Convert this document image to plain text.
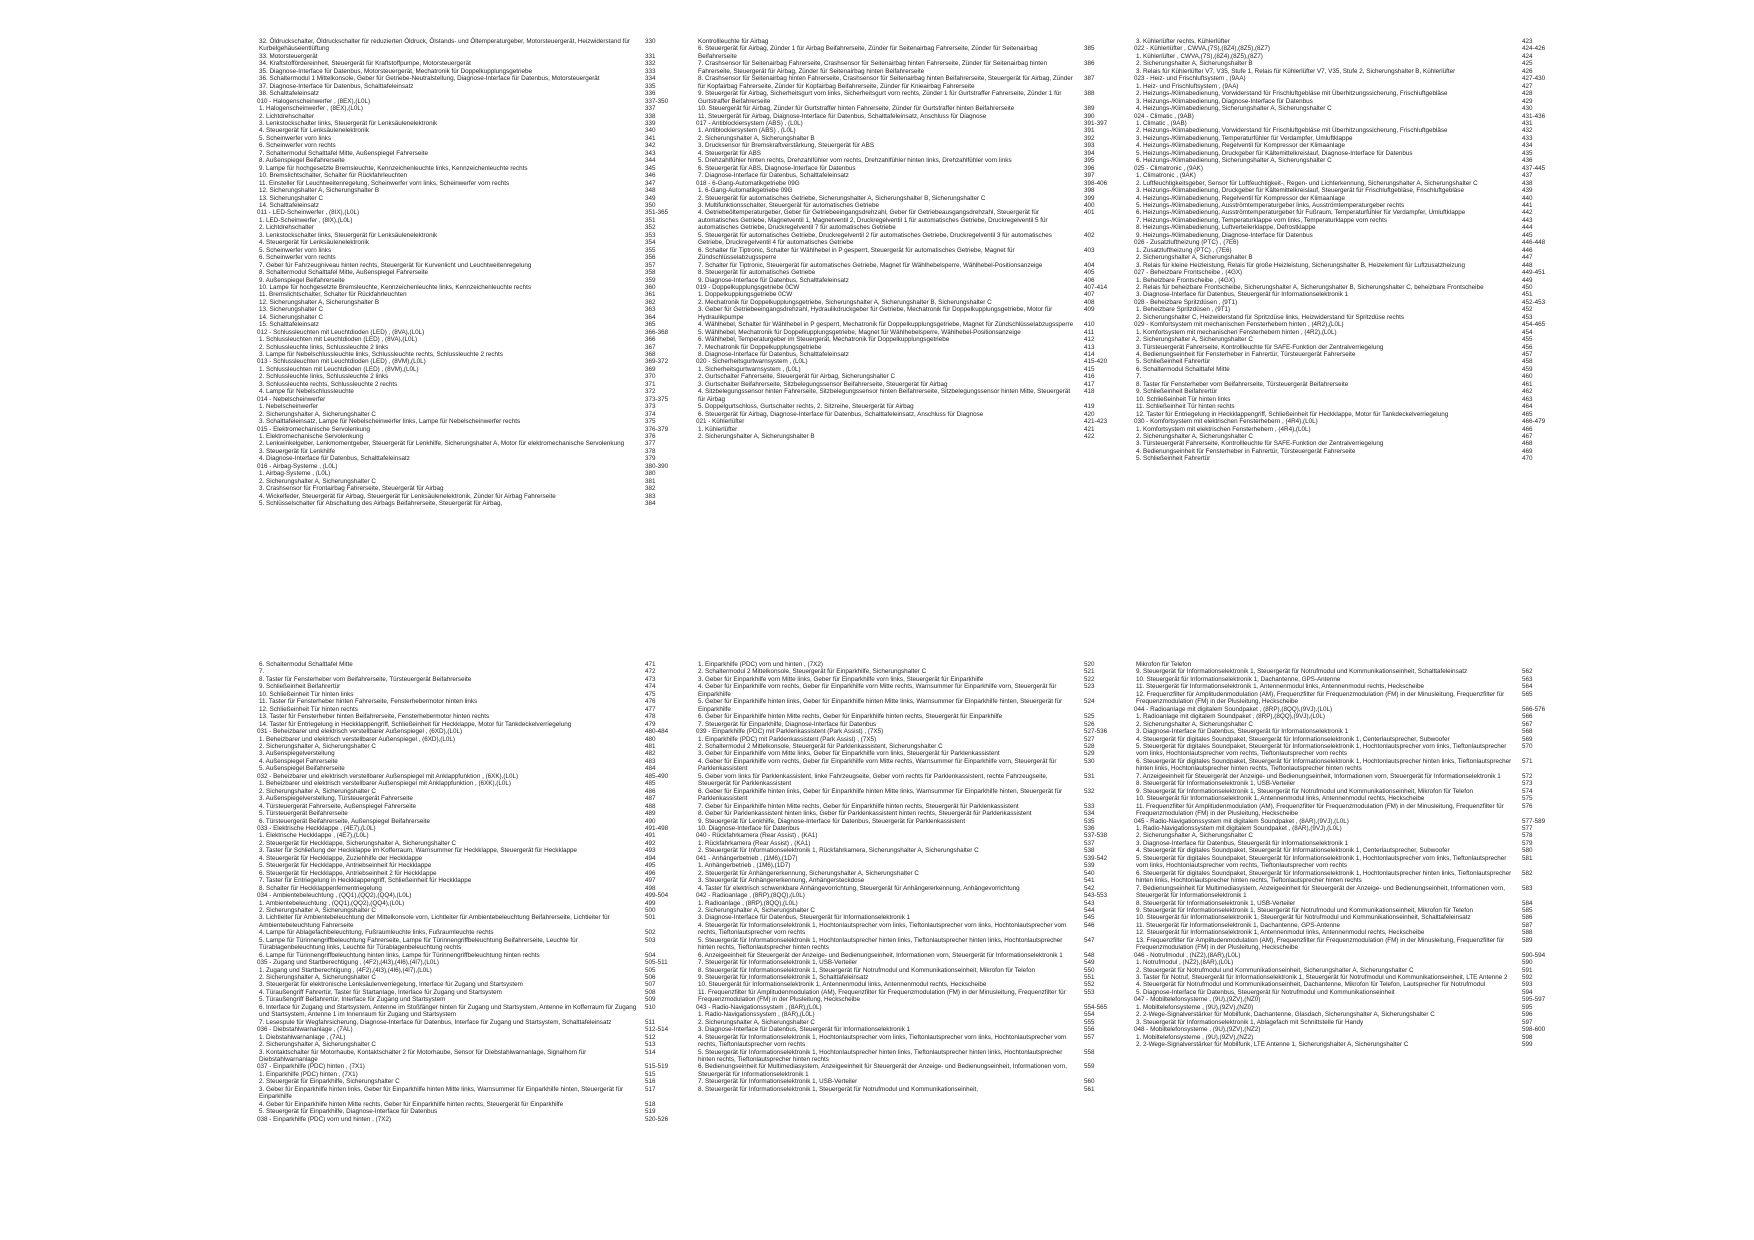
32. Öldruckschalter, Öldruckschalter für reduzierten Öldruck, Ölstands- und Öltemperaturgeber, Motorsteuergerät, Heizwiderstand für Kurbelgehäuseentlüftung
330
33. Motorsteuergerät	331
34. Kraftstoffördereinheit, Steuergerät für Kraftstoffpumpe, Motorsteuergerät	332
35. Diagnose-Interface für Datenbus, Motorsteuergerät, Mechatronik für Doppelkupplungsgetriebe	333
36. Schaltermodul 1 Mittelkonsole, Geber für Getriebe-Neutralstellung, Diagnose-Interface für Datenbus, Motorsteuergerät	334
37. Diagnose-Interface für Datenbus, Schalttafeleinsatz	335
38. Schalttafeleinsatz	336
010 - Halogenscheinwerfer , (8EX),(L0L)	337-350
1. Halogenscheinwerfer , (8EX),(L0L)	337
2. Lichtdrehschalter	338
3. Lenkstockschalter links, Steuergerät für Lenksäulenelektronik	339
4. Steuergerät für Lenksäulenelektronik	340
5. Scheinwerfer vorn links	341
6. Scheinwerfer vorn rechts	342
7. Schaltermodul Schalttafel Mitte, Außenspiegel Fahrerseite	343
8. Außenspiegel Beifahrerseite	344
9. Lampe für hochgesetzte Bremsleuchte, Kennzeichenleuchte links, Kennzeichenleuchte rechts	345
10. Bremslichtschalter, Schalter für Rückfahrleuchten	346
11. Einsteller für Leuchtweitenregelung, Scheinwerfer vorn links, Scheinwerfer vorn rechts	347
12. Sicherungshalter A, Sicherungshalter B	348
13. Sicherungshalter C	349
14. Schalttafeleinsatz	350
011 - LED-Scheinwerfer , (8IX),(L0L)	351-365
1. LED-Scheinwerfer , (8IX),(L0L)	351
2. Lichtdrehschalter	352
3. Lenkstockschalter links, Steuergerät für Lenksäulenelektronik	353
4. Steuergerät für Lenksäulenelektronik	354
5. Scheinwerfer vorn links	355
6. Scheinwerfer vorn rechts	356
7. Geber für Fahrzeugniveau hinten rechts, Steuergerät für Kurvenlicht und Leuchtweitenregelung	357
8. Schaltermodul Schalttafel Mitte, Außenspiegel Fahrerseite	358
9. Außenspiegel Beifahrerseite	359
10. Lampe für hochgesetzte Bremsleuchte, Kennzeichenleuchte links, Kennzeichenleuchte rechts	360
11. Bremslichtschalter, Schalter für Rückfahrleuchten	361
12. Sicherungshalter A, Sicherungshalter B	362
13. Sicherungshalter C	363
14. Sicherungshalter C	364
15. Schalttafeleinsatz	365
012 - Schlussleuchten mit Leuchtdioden (LED) , (8VA),(L0L)	366-368
1. Schlussleuchten mit Leuchtdioden (LED) , (8VA),(L0L)	366
2. Schlussleuchte links, Schlussleuchte 2 links	367
3. Lampe für Nebelschlussleuchte links, Schlussleuchte rechts, Schlussleuchte 2 rechts	368
013 - Schlussleuchten mit Leuchtdioden (LED) , (8VM),(L0L)	369-372
1. Schlussleuchten mit Leuchtdioden (LED) , (8VM),(L0L)	369
2. Schlussleuchte links, Schlussleuchte 2 links	370
3. Schlussleuchte rechts, Schlussleuchte 2 rechts	371
4. Lampe für Nebelschlussleuchte	372
014 - Nebelscheinwerfer	373-375
1. Nebelscheinwerfer	373
2. Sicherungshalter A, Sicherungshalter C	374
3. Schalttafeleinsatz, Lampe für Nebelscheinwerfer links, Lampe für Nebelscheinwerfer rechts	375
015 - Elektromechanische Servolenkung	376-379
1. Elektromechanische Servolenkung	376
2. Lenkwinkelgeber, Lenkmomentgeber, Steuergerät für Lenkhilfe, Sicherungshalter A, Motor für elektromechanische Servolenkung	377
3. Steuergerät für Lenkhilfe	378
4. Diagnose-Interface für Datenbus, Schalttafeleinsatz	379
016 - Airbag-Systeme , (L0L)	380-390
1. Airbag-Systeme , (L0L)	380
2. Sicherungshalter A, Sicherungshalter C	381
3. Crashsensor für Frontairbag Fahrerseite, Steuergerät für Airbag	382
4. Wickelfeder, Steuergerät für Airbag, Steuergerät für Lenksäulenelektronik, Zünder für Airbag Fahrerseite	383
5. Schlüsselschalter für Abschaltung des Airbags Beifahrerseite, Steuergerät für Airbag,	384
Kontrollleuchte für Airbag
6. Steuergerät für Airbag, Zünder 1 für Airbag Beifahrerseite, Zünder für Seitenairbag Fahrerseite, Zünder für Seitenairbag Beifahrerseite
385
7. Crashsensor für Seitenairbag Fahrerseite, Crashsensor für Seitenairbag hinten Fahrerseite, Zünder für Seitenairbag hinten Fahrerseite, Steuergerät für Airbag, Zünder für Seitenairbag hinten Beifahrerseite
386
8. Crashsensor für Seitenairbag hinten Fahrerseite, Crashsensor für Seitenairbag hinten Beifahrerseite, Steuergerät für Airbag, Zünder für Kopfairbag Fahrerseite, Zünder für Kopfairbag Beifahrerseite, Zünder für Knieairbag Fahrerseite
387
9. Steuergerät für Airbag, Sicherheitsgurt vorn links, Sicherheitsgurt vorn rechts, Zünder 1 für Gurtstraffer Fahrerseite, Zünder 1 für Gurtstraffer Beifahrerseite
388
10. Steuergerät für Airbag, Zünder für Gurtstraffer hinten Fahrerseite, Zünder für Gurtstraffer hinten Beifahrerseite	389
11. Steuergerät für Airbag, Diagnose-Interface für Datenbus, Schalttafeleinsatz, Anschluss für Diagnose	390
017 - Antiblockiersystem (ABS) , (L0L)	391-397
1. Antiblockiersystem (ABS) , (L0L)	391
2. Sicherungshalter A, Sicherungshalter B	392
3. Drucksensor für Bremskraftverstärkung, Steuergerät für ABS	393
4. Steuergerät für ABS	394
5. Drehzahlfühler hinten rechts, Drehzahlfühler vorn rechts, Drehzahlfühler hinten links, Drehzahlfühler vorn links	395
6. Steuergerät für ABS, Diagnose-Interface für Datenbus	396
7. Diagnose-Interface für Datenbus, Schalttafeleinsatz	397
018 - 6-Gang-Automatikgetriebe 09G	398-406
1. 6-Gang-Automatikgetriebe 09G	398
2. Steuergerät für automatisches Getriebe, Sicherungshalter A, Sicherungshalter B, Sicherungshalter C	399
3. Multifunktionsschalter, Steuergerät für automatisches Getriebe	400
4. Getriebeöltemperaturgeber, Geber für Getriebeeingangsdrehzahl, Geber für Getriebeausgangsdrehzahl, Steuergerät für automatisches Getriebe, Magnetventil 1, Magnetventil 2, Druckregelventil 1 für automatisches Getriebe, Druckregelventil 5 für automatisches Getriebe, Druckregelventil 7 für automatisches Getriebe
401
5. Steuergerät für automatisches Getriebe, Druckregelventil 2 für automatisches Getriebe, Druckregelventil 3 für automatisches Getriebe, Druckregelventil 4 für automatisches Getriebe
402
6. Schalter für Tiptronic, Schalter für Wählhebel in P gesperrt, Steuergerät für automatisches Getriebe, Magnet für Zündschlüsselabzugssperre
403
7. Schalter für Tiptronic, Steuergerät für automatisches Getriebe, Magnet für Wählhebelsperre, Wählhebel-Positionsanzeige	404
8. Steuergerät für automatisches Getriebe	405
9. Diagnose-Interface für Datenbus, Schalttafeleinsatz	406
019 - Doppelkupplungsgetriebe 0CW	407-414
1. Doppelkupplungsgetriebe 0CW	407
2. Mechatronik für Doppelkupplungsgetriebe, Sicherungshalter A, Sicherungshalter B, Sicherungshalter C	408
3. Geber für Getriebeeingangsdrehzahl, Hydraulikdruckgeber für Getriebe, Mechatronik für Doppelkupplungsgetriebe, Motor für Hydraulikpumpe
409
4. Wählhebel, Schalter für Wählhebel in P gesperrt, Mechatronik für Doppelkupplungsgetriebe, Magnet für Zündschlüsselabzugssperre	410
5. Wählhebel, Mechatronik für Doppelkupplungsgetriebe, Magnet für Wählhebelsperre, Wählhebel-Positionsanzeige	411
6. Wählhebel, Temperaturgeber im Steuergerät, Mechatronik für Doppelkupplungsgetriebe	412
7. Mechatronik für Doppelkupplungsgetriebe	413
8. Diagnose-Interface für Datenbus, Schalttafeleinsatz	414
020 - Sicherheitsgurtwarnsystem , (L0L)	415-420
1. Sicherheitsgurtwarnsystem , (L0L)	415
2. Gurtschalter Fahrerseite, Steuergerät für Airbag, Sicherungshalter C	416
3. Gurtschalter Beifahrerseite, Sitzbelegungssensor Beifahrerseite, Steuergerät für Airbag	417
4. Sitzbelegungssensor hinten Fahrerseite, Sitzbelegungssensor hinten Beifahrerseite, Sitzbelegungssensor hinten Mitte, Steuergerät für Airbag
418
5. Doppelgurtschloss, Gurtschalter rechts, 2. Sitzreihe, Steuergerät für Airbag	419
6. Steuergerät für Airbag, Diagnose-Interface für Datenbus, Schalttafeleinsatz, Anschluss für Diagnose	420
021 - Kühlerlüfter	421-423
1. Kühlerlüfter	421
2. Sicherungshalter A, Sicherungshalter B	422
3. Kühlerlüfter rechts, Kühlerlüfter	423
022 - Kühlerlüfter , CWVA,(7S),(8Z4),(8Z5),(8Z7)	424-426
1. Kühlerlüfter , CWVA,(7S),(8Z4),(8Z5),(8Z7)	424
2. Sicherungshalter A, Sicherungshalter B	425
3. Relais für Kühlerlüfter V7, V35, Stufe 1, Relais für Kühlerlüfter V7, V35, Stufe 2, Sicherungshalter B, Kühlerlüfter	426
023 - Heiz- und Frischluftsystem , (9AA)	427-430
1. Heiz- und Frischluftsystem , (9AA)	427
2. Heizungs-/Klimabedienung, Vorwiderstand für Frischluftgebläse mit Überhitzungssicherung, Frischluftgebläse	428
3. Heizungs-/Klimabedienung, Diagnose-Interface für Datenbus	429
4. Heizungs-/Klimabedienung, Sicherungshalter A, Sicherungshalter C	430
024 - Climatic , (9AB)	431-436
1. Climatic , (9AB)	431
2. Heizungs-/Klimabedienung, Vorwiderstand für Frischluftgebläse mit Überhitzungssicherung, Frischluftgebläse	432
3. Heizungs-/Klimabedienung, Temperaturfühler für Verdampfer, Umluftklappe	433
4. Heizungs-/Klimabedienung, Regelventil für Kompressor der Klimaanlage	434
5. Heizungs-/Klimabedienung, Druckgeber für Kältemittelkreislauf, Diagnose-Interface für Datenbus	435
6. Heizungs-/Klimabedienung, Sicherungshalter A, Sicherungshalter C	436
025 - Climatronic , (9AK)	437-445
1. Climatronic , (9AK)	437
2. Luftfeuchtigkeitsgeber, Sensor für Luftfeuchtigkeit-, Regen- und Lichterkennung, Sicherungshalter A, Sicherungshalter C	438
3. Heizungs-/Klimabedienung, Druckgeber für Kältemittelkreislauf, Steuergerät für Frischluftgebläse, Frischluftgebläse	439
4. Heizungs-/Klimabedienung, Regelventil für Kompressor der Klimaanlage	440
5. Heizungs-/Klimabedienung, Ausströmtemperaturgeber links, Ausströmtemperaturgeber rechts	441
6. Heizungs-/Klimabedienung, Ausströmtemperaturgeber für Fußraum, Temperaturfühler für Verdampfer, Umluftklappe	442
7. Heizungs-/Klimabedienung, Temperaturklappe vorn links, Temperaturklappe vorn rechts	443
8. Heizungs-/Klimabedienung, Luftverteilerklappe, Defrostklappe	444
9. Heizungs-/Klimabedienung, Diagnose-Interface für Datenbus	445
026 - Zusatzluftheizung (PTC) , (7E6)	446-448
1. Zusatzluftheizung (PTC) , (7E6)	446
2. Sicherungshalter A, Sicherungshalter B	447
3. Relais für kleine Heizleistung, Relais für große Heizleistung, Sicherungshalter B, Heizelement für Luftzusatzheizung	448
027 - Beheizbare Frontscheibe , (4GX)	449-451
1. Beheizbare Frontscheibe , (4GX)	449
2. Relais für beheizbare Frontscheibe, Sicherungshalter A, Sicherungshalter B, Sicherungshalter C, beheizbare Frontscheibe	450
3. Diagnose-Interface für Datenbus, Steuergerät für Informationselektronik 1	451
028 - Beheizbare Spritzdüsen , (9T1)	452-453
1. Beheizbare Spritzdüsen , (9T1)	452
2. Sicherungshalter C, Heizwiderstand für Spritzdüse links, Heizwiderstand für Spritzdüse rechts	453
029 - Komfortsystem mit mechanischen Fensterhebern hinten , (4R2),(L0L)	454-465
1. Komfortsystem mit mechanischen Fensterhebern hinten , (4R2),(L0L)	454
2. Sicherungshalter A, Sicherungshalter C	455
3. Türsteuergerät Fahrerseite, Kontrollleuchte für SAFE-Funktion der Zentralverriegelung	456
4. Bedienungseinheit für Fensterheber in Fahrertür, Türsteuergerät Fahrerseite	457
5. Schließeinheit Fahrertür	458
6. Schaltermodul Schalttafel Mitte	459
7.	460
8. Taster für Fensterheber vorn Beifahrerseite, Türsteuergerät Beifahrerseite	461
9. Schließeinheit Beifahrertür	462
10. Schließeinheit Tür hinten links	463
11. Schließeinheit Tür hinten rechts	464
12. Taster für Entriegelung in Heckklappengriff, Schließeinheit für Heckklappe, Motor für Tankdeckelverriegelung	465
030 - Komfortsystem mit elektrischen Fensterhebern , (4R4),(L0L)	466-479
1. Komfortsystem mit elektrischen Fensterhebern , (4R4),(L0L)	466
2. Sicherungshalter A, Sicherungshalter C	467
3. Türsteuergerät Fahrerseite, Kontrollleuchte für SAFE-Funktion der Zentralverriegelung	468
4. Bedienungseinheit für Fensterheber in Fahrertür, Türsteuergerät Fahrerseite	469
5. Schließeinheit Fahrertür	470
6. Schaltermodul Schalttafel Mitte	471
7.	472
8. Taster für Fensterheber vorn Beifahrerseite, Türsteuergerät Beifahrerseite	473
9. Schließeinheit Beifahrertür	474
10. Schließeinheit Tür hinten links	475
11. Taster für Fensterheber hinten Fahrerseite, Fensterhebermotor hinten links	476
12. Schließeinheit Tür hinten rechts	477
13. Taster für Fensterheber hinten Beifahrerseite, Fensterhebermotor hinten rechts	478
14. Taster für Entriegelung in Heckklappengriff, Schließeinheit für Heckklappe, Motor für Tankdeckelverriegelung	479
031 - Beheizbarer und elektrisch verstellbarer Außenspiegel , (6XD),(L0L)	480-484
1. Beheizbarer und elektrisch verstellbarer Außenspiegel , (6XD),(L0L)	480
2. Sicherungshalter A, Sicherungshalter C	481
3. Außenspiegelverstellung	482
4. Außenspiegel Fahrerseite	483
5. Außenspiegel Beifahrerseite	484
032 - Beheizbarer und elektrisch verstellbarer Außenspiegel mit Anklappfunktion , (6XK),(L0L)	485-490
1. Beheizbarer und elektrisch verstellbarer Außenspiegel mit Anklappfunktion , (6XK),(L0L)	485
2. Sicherungshalter A, Sicherungshalter C	486
3. Außenspiegelverstellung, Türsteuergerät Fahrerseite	487
4. Türsteuergerät Fahrerseite, Außenspiegel Fahrerseite	488
5. Türsteuergerät Beifahrerseite	489
6. Türsteuergerät Beifahrerseite, Außenspiegel Beifahrerseite	490
033 - Elektrische Heckklappe , (4E7),(L0L)	491-498
1. Elektrische Heckklappe , (4E7),(L0L)	491
2. Steuergerät für Heckklappe, Sicherungshalter A, Sicherungshalter C	492
3. Taster für Schließung der Heckklappe im Kofferraum, Warnsummer für Heckklappe, Steuergerät für Heckklappe	493
4. Steuergerät für Heckklappe, Zuziehhilfe der Heckklappe	494
5. Steuergerät für Heckklappe, Antriebseinheit für Heckklappe	495
6. Steuergerät für Heckklappe, Antriebseinheit 2 für Heckklappe	496
7. Taster für Entriegelung in Heckklappengriff, Schließeinheit für Heckklappe	497
8. Schalter für Heckklappenfernentriegelung	498
034 - Ambientebeleuchtung , (QQ1),(QQ2),(QQ4),(L0L)	499-504
1. Ambientebeleuchtung , (QQ1),(QQ2),(QQ4),(L0L)	499
2. Sicherungshalter A, Sicherungshalter C	500
3. Lichtleiter für Ambientebeleuchtung der Mittelkonsole vorn, Lichtleiter für Ambientebeleuchtung Beifahrerseite, Lichtleiter für Ambientebeleuchtung Fahrerseite
501
4. Lampe für Ablagefachbeleuchtung, Fußraumleuchte links, Fußraumleuchte rechts	502
5. Lampe für Türinnengriffbeleuchtung Fahrerseite, Lampe für Türinnengriffbeleuchtung Beifahrerseite, Leuchte für Türablagenbeleuchtung links, Leuchte für Türablagenbeleuchtung rechts
503
6. Lampe für Türinnengriffbeleuchtung hinten links, Lampe für Türinnengriffbeleuchtung hinten rechts	504
035 - Zugang und Startberechtigung , (4F2),(4I3),(4I6),(4I7),(L0L)	505-511
1. Zugang und Startberechtigung , (4F2),(4I3),(4I6),(4I7),(L0L)	505
2. Sicherungshalter A, Sicherungshalter C	506
3. Steuergerät für elektronische Lenksäulenverriegelung, Interface für Zugang und Startsystem	507
4. Türaußengriff Fahrertür, Taster für Startanlage, Interface für Zugang und Startsystem	508
5. Türaußengriff Beifahrertür, Interface für Zugang und Startsystem	509
6. Interface für Zugang und Startsystem, Antenne im Stoßfänger hinten für Zugang und Startsystem, Antenne im Kofferraum für Zugang und Startsystem, Antenne 1 im Innenraum für Zugang und Startsystem
510
7. Lesespule für Wegfahrsicherung, Diagnose-Interface für Datenbus, Interface für Zugang und Startsystem, Schalttafeleinsatz	511
036 - Diebstahlwarnanlage , (7AL)	512-514
1. Diebstahlwarnanlage , (7AL)	512
2. Sicherungshalter A, Sicherungshalter C	513
3. Kontaktschalter für Motorhaube, Kontaktschalter 2 für Motorhaube, Sensor für Diebstahlwarnanlage, Signalhorn für Diebstahlwarnanlage
514
037 - Einparkhilfe (PDC) hinten , (7X1)	515-519
1. Einparkhilfe (PDC) hinten , (7X1)	515
2. Steuergerät für Einparkhilfe, Sicherungshalter C	516
3. Geber für Einparkhilfe hinten links, Geber für Einparkhilfe hinten Mitte links, Warnsummer für Einparkhilfe hinten, Steuergerät für Einparkhilfe
517
4. Geber für Einparkhilfe hinten Mitte rechts, Geber für Einparkhilfe hinten rechts, Steuergerät für Einparkhilfe	518
5. Steuergerät für Einparkhilfe, Diagnose-Interface für Datenbus	519
038 - Einparkhilfe (PDC) vorn und hinten , (7X2)	520-526
1. Einparkhilfe (PDC) vorn und hinten , (7X2)	520
2. Schaltermodul 2 Mittelkonsole, Steuergerät für Einparkhilfe, Sicherungshalter C	521
3. Geber für Einparkhilfe vorn Mitte links, Geber für Einparkhilfe vorn links, Steuergerät für Einparkhilfe	522
4. Geber für Einparkhilfe vorn rechts, Geber für Einparkhilfe vorn Mitte rechts, Warnsummer für Einparkhilfe vorn, Steuergerät für Einparkhilfe
523
5. Geber für Einparkhilfe hinten links, Geber für Einparkhilfe hinten Mitte links, Warnsummer für Einparkhilfe hinten, Steuergerät für Einparkhilfe
524
6. Geber für Einparkhilfe hinten Mitte rechts, Geber für Einparkhilfe hinten rechts, Steuergerät für Einparkhilfe	525
7. Steuergerät für Einparkhilfe, Diagnose-Interface für Datenbus	526
039 - Einparkhilfe (PDC) mit Parklenkassistent (Park Assist) , (7X5)	527-536
1. Einparkhilfe (PDC) mit Parklenkassistent (Park Assist) , (7X5)	527
2. Schaltermodul 2 Mittelkonsole, Steuergerät für Parklenkassistent, Sicherungshalter C	528
3. Geber für Einparkhilfe vorn Mitte links, Geber für Einparkhilfe vorn links, Steuergerät für Parklenkassistent	529
4. Geber für Einparkhilfe vorn rechts, Geber für Einparkhilfe vorn Mitte rechts, Warnsummer für Einparkhilfe vorn, Steuergerät für Parklenkassistent
530
5. Geber vorn links für Parklenkassistent, linke Fahrzeugseite, Geber vorn rechts für Parklenkassistent, rechte Fahrzeugseite, Steuergerät für Parklenkassistent
531
6. Geber für Einparkhilfe hinten links, Geber für Einparkhilfe hinten Mitte links, Warnsummer für Einparkhilfe hinten, Steuergerät für Parklenkassistent
532
7. Geber für Einparkhilfe hinten Mitte rechts, Geber für Einparkhilfe hinten rechts, Steuergerät für Parklenkassistent	533
8. Geber für Parklenkassistent hinten links, Geber für Parklenkassistent hinten rechts, Steuergerät für Parklenkassistent	534
9. Steuergerät für Lenkhilfe, Diagnose-Interface für Datenbus, Steuergerät für Parklenkassistent	535
10. Diagnose-Interface für Datenbus	536
040 - Rückfahrkamera (Rear Assist) , (KA1)	537-538
1. Rückfahrkamera (Rear Assist) , (KA1)	537
2. Steuergerät für Informationselektronik 1, Rückfahrkamera, Sicherungshalter A, Sicherungshalter C	538
041 - Anhängerbetrieb , (1M6),(1D7)	539-542
1. Anhängerbetrieb , (1M6),(1D7)	539
2. Steuergerät für Anhängererkennung, Sicherungshalter A, Sicherungshalter C	540
3. Steuergerät für Anhängererkennung, Anhängersteckdose	541
4. Taster für elektrisch schwenkbare Anhängevorrichtung, Steuergerät für Anhängererkennung, Anhängevorrichtung	542
042 - Radioanlage , (8RP),(8QQ),(L0L)	543-553
1. Radioanlage , (8RP),(8QQ),(L0L)	543
2. Sicherungshalter A, Sicherungshalter C	544
3. Diagnose-Interface für Datenbus, Steuergerät für Informationselektronik 1	545
4. Steuergerät für Informationselektronik 1, Hochtonlautsprecher vorn links, Tieftonlautsprecher vorn links, Hochtonlautsprecher vorn rechts, Tieftonlautsprecher vorn rechts
546
5. Steuergerät für Informationselektronik 1, Hochtonlautsprecher hinten links, Tieftonlautsprecher hinten links, Hochtonlautsprecher hinten rechts, Tieftonlautsprecher hinten rechts
547
6. Anzeigeeinheit für Steuergerät der Anzeige- und Bedienungseinheit, Informationen vorn, Steuergerät für Informationselektronik 1	548
7. Steuergerät für Informationselektronik 1, USB-Verteiler	549
8. Steuergerät für Informationselektronik 1, Steuergerät für Notrufmodul und Kommunikationseinheit, Mikrofon für Telefon	550
9. Steuergerät für Informationselektronik 1, Schalttafeleinsatz	551
10. Steuergerät für Informationselektronik 1, Antennenmodul links, Antennenmodul rechts, Heckscheibe	552
11. Frequenzfilter für Amplitudenmodulation (AM), Frequenzfilter für Frequenzmodulation (FM) in der Minusleitung, Frequenzfilter für Frequenzmodulation (FM) in der Plusleitung, Heckscheibe
553
043 - Radio-Navigationssystem , (8AR),(L0L)	554-565
1. Radio-Navigationssystem , (8AR),(L0L)	554
2. Sicherungshalter A, Sicherungshalter C	555
3. Diagnose-Interface für Datenbus, Steuergerät für Informationselektronik 1	556
4. Steuergerät für Informationselektronik 1, Hochtonlautsprecher vorn links, Tieftonlautsprecher vorn links, Hochtonlautsprecher vorn rechts, Tieftonlautsprecher vorn rechts
557
5. Steuergerät für Informationselektronik 1, Hochtonlautsprecher hinten links, Tieftonlautsprecher hinten links, Hochtonlautsprecher hinten rechts, Tieftonlautsprecher hinten rechts
558
6. Bedienungseinheit für Multimediasystem, Anzeigeeinheit für Steuergerät der Anzeige- und Bedienungseinheit, Informationen vorn, Steuergerät für Informationselektronik 1
559
7. Steuergerät für Informationselektronik 1, USB-Verteiler	560
8. Steuergerät für Informationselektronik 1, Steuergerät für Notrufmodul und Kommunikationseinheit,	561
Mikrofon für Telefon
9. Steuergerät für Informationselektronik 1, Steuergerät für Notrufmodul und Kommunikationseinheit, Schalttafeleinsatz	562
10. Steuergerät für Informationselektronik 1, Dachantenne, GPS-Antenne	563
11. Steuergerät für Informationselektronik 1, Antennenmodul links, Antennenmodul rechts, Heckscheibe	564
12. Frequenzfilter für Amplitudenmodulation (AM), Frequenzfilter für Frequenzmodulation (FM) in der Minusleitung, Frequenzfilter für Frequenzmodulation (FM) in der Plusleitung, Heckscheibe
565
044 - Radioanlage mit digitalem Soundpaket , (8RP),(8QQ),(9VJ),(L0L)	566-576
1. Radioanlage mit digitalem Soundpaket , (8RP),(8QQ),(9VJ),(L0L)	566
2. Sicherungshalter A, Sicherungshalter C	567
3. Diagnose-Interface für Datenbus, Steuergerät für Informationselektronik 1	568
4. Steuergerät für digitales Soundpaket, Steuergerät für Informationselektronik 1, Centerlautsprecher, Subwoofer	569
5. Steuergerät für digitales Soundpaket, Steuergerät für Informationselektronik 1, Hochtonlautsprecher vorn links, Tieftonlautsprecher vorn links, Hochtonlautsprecher vorn rechts, Tieftonlautsprecher vorn rechts
570
6. Steuergerät für digitales Soundpaket, Steuergerät für Informationselektronik 1, Hochtonlautsprecher hinten links, Tieftonlautsprecher hinten links, Hochtonlautsprecher hinten rechts, Tieftonlautsprecher hinten rechts
571
7. Anzeigeeinheit für Steuergerät der Anzeige- und Bedienungseinheit, Informationen vorn, Steuergerät für Informationselektronik 1	572
8. Steuergerät für Informationselektronik 1, USB-Verteiler	573
9. Steuergerät für Informationselektronik 1, Steuergerät für Notrufmodul und Kommunikationseinheit, Mikrofon für Telefon	574
10. Steuergerät für Informationselektronik 1, Antennenmodul links, Antennenmodul rechts, Heckscheibe	575
11. Frequenzfilter für Amplitudenmodulation (AM), Frequenzfilter für Frequenzmodulation (FM) in der Minusleitung, Frequenzfilter für Frequenzmodulation (FM) in der Plusleitung, Heckscheibe
576
045 - Radio-Navigationssystem mit digitalem Soundpaket , (8AR),(9VJ),(L0L)	577-589
1. Radio-Navigationssystem mit digitalem Soundpaket , (8AR),(9VJ),(L0L)	577
2. Sicherungshalter A, Sicherungshalter C	578
3. Diagnose-Interface für Datenbus, Steuergerät für Informationselektronik 1	579
4. Steuergerät für digitales Soundpaket, Steuergerät für Informationselektronik 1, Centerlautsprecher, Subwoofer	580
5. Steuergerät für digitales Soundpaket, Steuergerät für Informationselektronik 1, Hochtonlautsprecher vorn links, Tieftonlautsprecher vorn links, Hochtonlautsprecher vorn rechts, Tieftonlautsprecher vorn rechts
581
6. Steuergerät für digitales Soundpaket, Steuergerät für Informationselektronik 1, Hochtonlautsprecher hinten links, Tieftonlautsprecher hinten links, Hochtonlautsprecher hinten rechts, Tieftonlautsprecher hinten rechts
582
7. Bedienungseinheit für Multimediasystem, Anzeigeeinheit für Steuergerät der Anzeige- und Bedienungseinheit, Informationen vorn, Steuergerät für Informationselektronik 1
583
8. Steuergerät für Informationselektronik 1, USB-Verteiler	584
9. Steuergerät für Informationselektronik 1, Steuergerät für Notrufmodul und Kommunikationseinheit, Mikrofon für Telefon	585
10. Steuergerät für Informationselektronik 1, Steuergerät für Notrufmodul und Kommunikationseinheit, Schalttafeleinsatz	586
11. Steuergerät für Informationselektronik 1, Dachantenne, GPS-Antenne	587
12. Steuergerät für Informationselektronik 1, Antennenmodul links, Antennenmodul rechts, Heckscheibe	588
13. Frequenzfilter für Amplitudenmodulation (AM), Frequenzfilter für Frequenzmodulation (FM) in der Minusleitung, Frequenzfilter für Frequenzmodulation (FM) in der Plusleitung, Heckscheibe
589
046 - Notrufmodul , (NZ2),(8AR),(L0L)	590-594
1. Notrufmodul , (NZ2),(8AR),(L0L)	590
2. Steuergerät für Notrufmodul und Kommunikationseinheit, Sicherungshalter A, Sicherungshalter C	591
3. Taster für Notruf, Steuergerät für Informationselektronik 1, Steuergerät für Notrufmodul und Kommunikationseinheit, LTE Antenne 2	592
4. Steuergerät für Notrufmodul und Kommunikationseinheit, Dachantenne, Mikrofon für Telefon, Lautsprecher für Notrufmodul	593
5. Diagnose-Interface für Datenbus, Steuergerät für Notrufmodul und Kommunikationseinheit	594
047 - Mobiltelefonsysteme , (9U),(9ZV),(NZ0)	595-597
1. Mobiltelefonsysteme , (9U),(9ZV),(NZ0)	595
2. 2-Wege-Signalverstärker für Mobilfunk, Dachantenne, Glasdach, Sicherungshalter A, Sicherungshalter C	596
3. Steuergerät für Informationselektronik 1, Ablagefach mit Schnittstelle für Handy	597
048 - Mobiltelefonsysteme , (9U),(9ZV),(NZ2)	598-600
1. Mobiltelefonsysteme , (9U),(9ZV),(NZ2)	598
2. 2-Wege-Signalverstärker für Mobilfunk, LTE Antenne 1, Sicherungshalter A, Sicherungshalter C	599
